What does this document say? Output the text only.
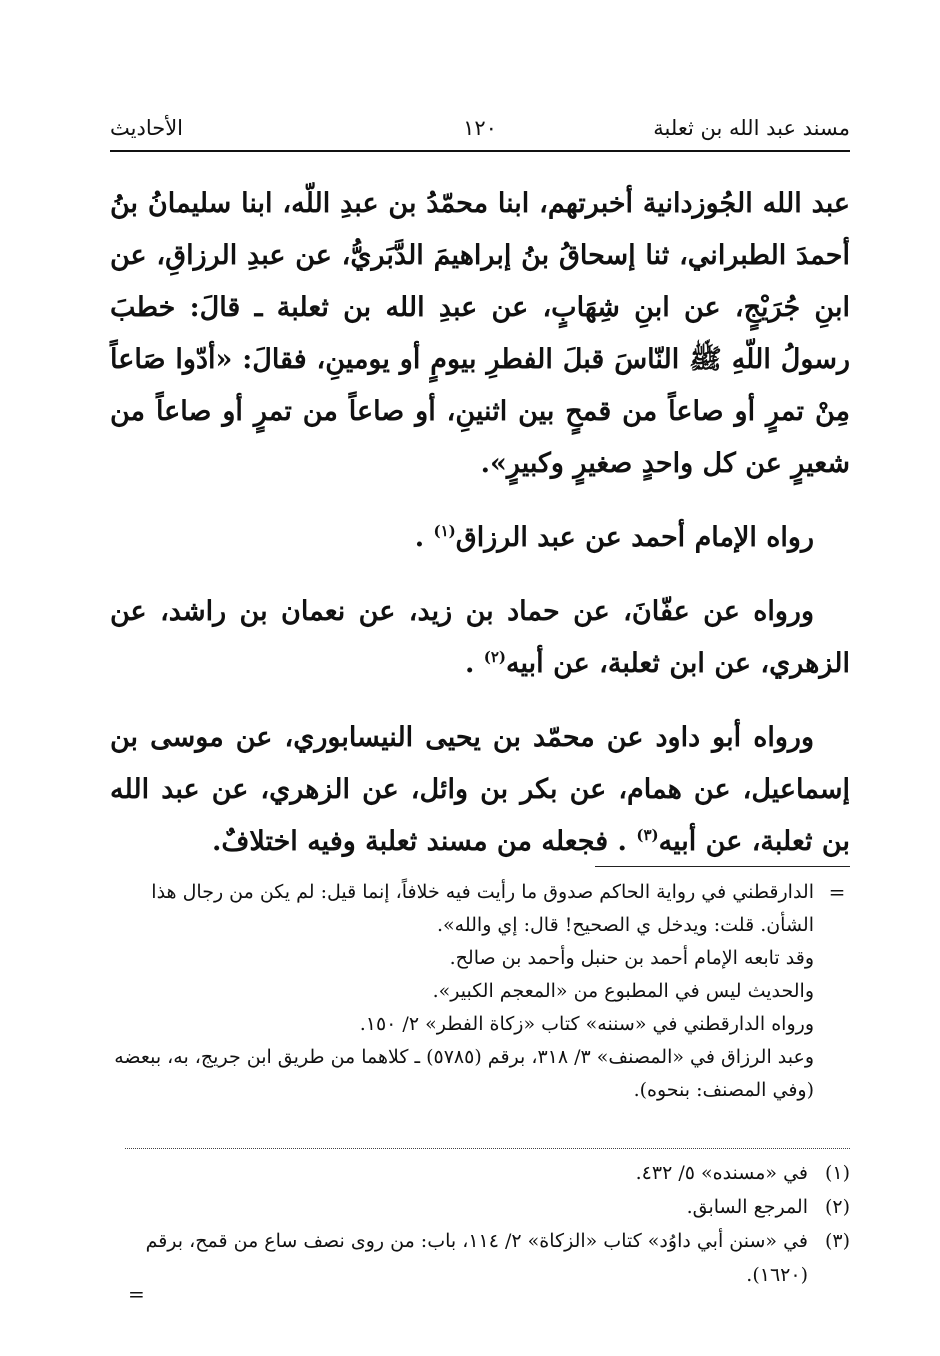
مسند عبد الله بن ثعلبة
١٢٠
الأحاديث

عبد الله الجُوزدانية أخبرتهم، ابنا محمّدُ بن عبدِ اللّه، ابنا سليمانُ بنُ أحمدَ الطبراني، ثنا إسحاقُ بنُ إبراهيمَ الدَّبَريُّ، عن عبدِ الرزاقِ، عن ابنِ جُرَيْجٍ، عن ابنِ شِهَابٍ، عن عبدِ الله بن ثعلبة ـ قالَ: خطبَ رسولُ اللّهِ ﷺ النّاسَ قبلَ الفطرِ بيومٍ أو يومينِ، فقالَ: «أدّوا صَاعاً مِنْ تمرٍ أو صاعاً من قمحٍ بين اثنينِ، أو صاعاً من تمرٍ أو صاعاً من شعيرٍ عن كل واحدٍ صغيرٍ وكبيرٍ».

رواه الإمام أحمد عن عبد الرزاق$^{(١)}$ .

ورواه عن عفّانَ، عن حماد بن زيد، عن نعمان بن راشد، عن الزهري، عن ابن ثعلبة، عن أبيه$^{(٢)}$ .

ورواه أبو داود عن محمّد بن يحيى النيسابوري، عن موسى بن إسماعيل، عن همام، عن بكر بن وائل، عن الزهري، عن عبد الله بن ثعلبة، عن أبيه$^{(٣)}$ . فجعله من مسند ثعلبة وفيه اختلافٌ.

=
الدارقطني في رواية الحاكم صدوق ما رأيت فيه خلافاً، إنما قيل: لم يكن من رجال هذا الشأن. قلت: ويدخل ي الصحيح! قال: إي والله».
وقد تابعه الإمام أحمد بن حنبل وأحمد بن صالح.
والحديث ليس في المطبوع من «المعجم الكبير».
ورواه الدارقطني في «سننه» كتاب «زكاة الفطر» ٢/ ١٥٠.
وعبد الرزاق في «المصنف» ٣/ ٣١٨، برقم (٥٧٨٥) ـ كلاهما من طريق ابن جريج، به، ببعضه (وفي المصنف: بنحوه).
(١)
في «مسنده» ٥/ ٤٣٢.
(٢)
المرجع السابق.
(٣)
في «سنن أبي داوُد» كتاب «الزكاة» ٢/ ١١٤، باب: من روى نصف ساع من قمح، برقم (١٦٢٠).
=
